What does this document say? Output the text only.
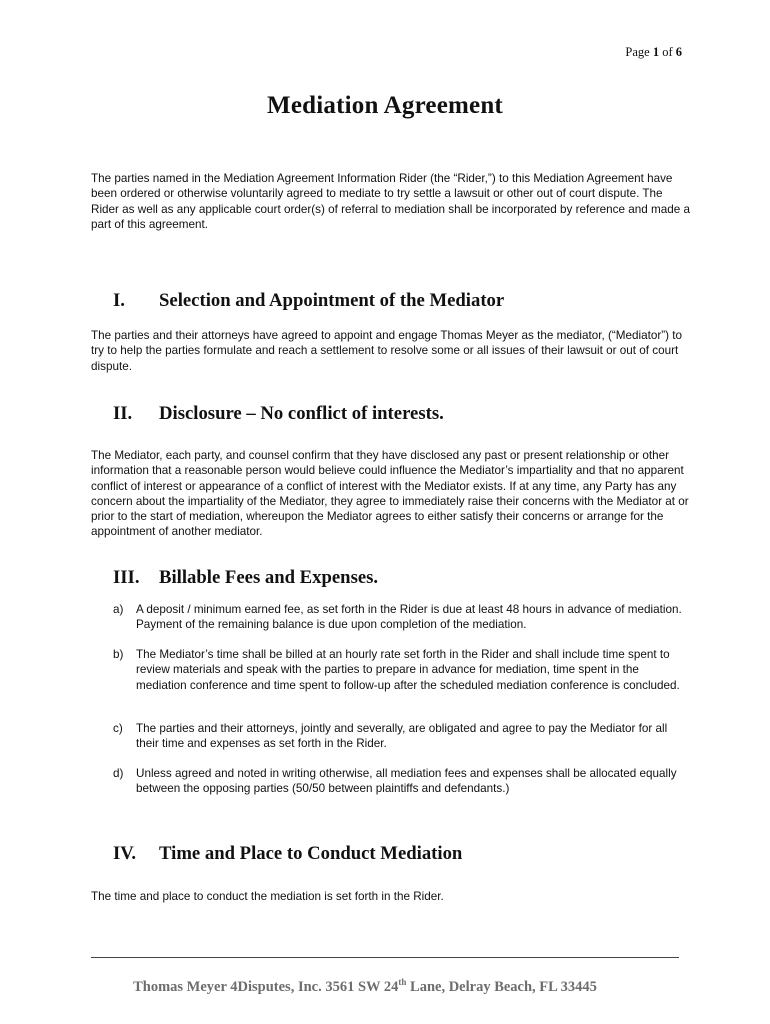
Page 1 of 6
Mediation Agreement

The parties named in the Mediation Agreement Information Rider (the “Rider,”) to this Mediation Agreement have been ordered or otherwise voluntarily agreed to mediate to try settle a lawsuit or other out of court dispute. The Rider as well as any applicable court order(s) of referral to mediation shall be incorporated by reference and made a part of this agreement.

I. Selection and Appointment of the Mediator

The parties and their attorneys have agreed to appoint and engage Thomas Meyer as the mediator, (“Mediator”) to try to help the parties formulate and reach a settlement to resolve some or all issues of their lawsuit or out of court dispute.

II. Disclosure – No conflict of interests.

The Mediator, each party, and counsel confirm that they have disclosed any past or present relationship or other information that a reasonable person would believe could influence the Mediator’s impartiality and that no apparent conflict of interest or appearance of a conflict of interest with the Mediator exists. If at any time, any Party has any concern about the impartiality of the Mediator, they agree to immediately raise their concerns with the Mediator at or prior to the start of mediation, whereupon the Mediator agrees to either satisfy their concerns or arrange for the appointment of another mediator.

III. Billable Fees and Expenses.
a) A deposit / minimum earned fee, as set forth in the Rider is due at least 48 hours in advance of mediation. Payment of the remaining balance is due upon completion of the mediation.
b) The Mediator’s time shall be billed at an hourly rate set forth in the Rider and shall include time spent to review materials and speak with the parties to prepare in advance for mediation, time spent in the mediation conference and time spent to follow-up after the scheduled mediation conference is concluded.
c) The parties and their attorneys, jointly and severally, are obligated and agree to pay the Mediator for all their time and expenses as set forth in the Rider.
d) Unless agreed and noted in writing otherwise, all mediation fees and expenses shall be allocated equally between the opposing parties (50/50 between plaintiffs and defendants.)
IV. Time and Place to Conduct Mediation

The time and place to conduct the mediation is set forth in the Rider.

Thomas Meyer 4Disputes, Inc. 3561 SW 24th Lane, Delray Beach, FL 33445
